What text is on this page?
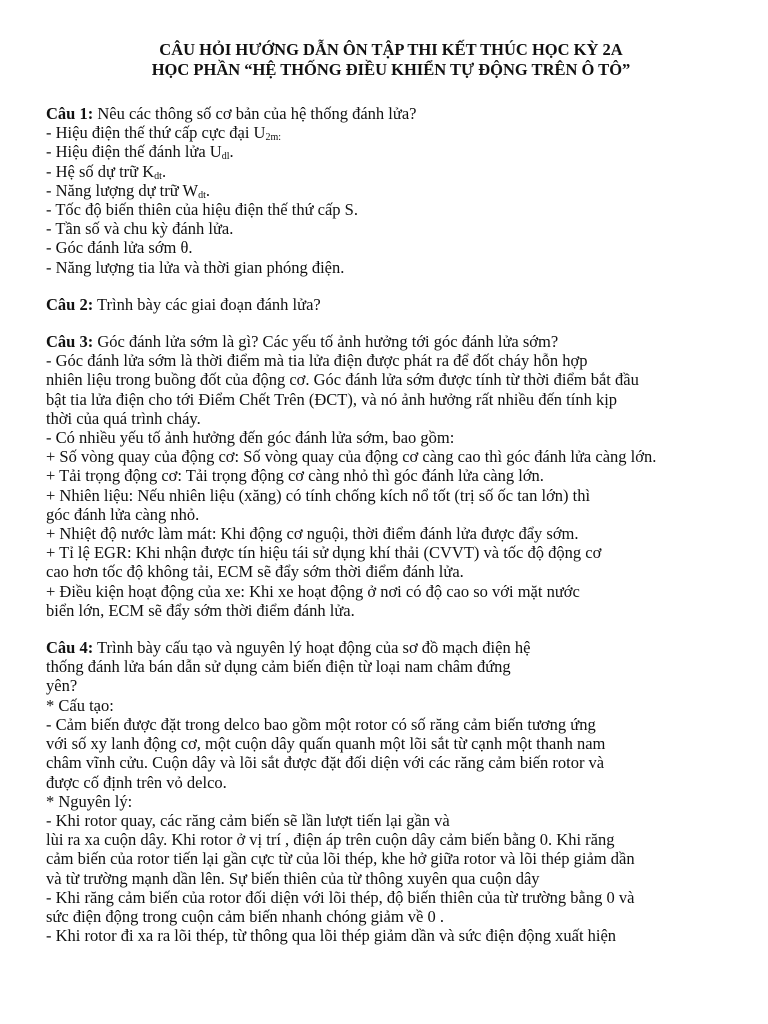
CÂU HỎI HƯỚNG DẪN ÔN TẬP THI KẾT THÚC HỌC KỲ 2A
HỌC PHẦN “HỆ THỐNG ĐIỀU KHIỂN TỰ ĐỘNG TRÊN Ô TÔ”
Câu 1: Nêu các thông số cơ bản của hệ thống đánh lửa?
- Hiệu điện thế thứ cấp cực đại $U_{2m:}$
- Hiệu điện thế đánh lửa $U_{dl}$.
- Hệ số dự trữ $K_{dt}$.
- Năng lượng dự trữ $W_{dt}$.
- Tốc độ biến thiên của hiệu điện thế thứ cấp S.
- Tần số và chu kỳ đánh lửa.
- Góc đánh lửa sớm θ.
- Năng lượng tia lửa và thời gian phóng điện.
Câu 2: Trình bày các giai đoạn đánh lửa?
Câu 3: Góc đánh lửa sớm là gì? Các yếu tố ảnh hưởng tới góc đánh lửa sớm?
- Góc đánh lửa sớm là thời điểm mà tia lửa điện được phát ra để đốt cháy hỗn hợp
nhiên liệu trong buồng đốt của động cơ. Góc đánh lửa sớm được tính từ thời điểm bắt đầu
bật tia lửa điện cho tới Điểm Chết Trên (ĐCT), và nó ảnh hưởng rất nhiều đến tính kịp
thời của quá trình cháy.
- Có nhiều yếu tố ảnh hưởng đến góc đánh lửa sớm, bao gồm:
+ Số vòng quay của động cơ: Số vòng quay của động cơ càng cao thì góc đánh lửa càng lớn.
+ Tải trọng động cơ: Tải trọng động cơ càng nhỏ thì góc đánh lửa càng lớn.
+ Nhiên liệu: Nếu nhiên liệu (xăng) có tính chống kích nổ tốt (trị số ốc tan lớn) thì
góc đánh lửa càng nhỏ.
+ Nhiệt độ nước làm mát: Khi động cơ nguội, thời điểm đánh lửa được đẩy sớm.
+ Tỉ lệ EGR: Khi nhận được tín hiệu tái sử dụng khí thải (CVVT) và tốc độ động cơ
cao hơn tốc độ không tải, ECM sẽ đẩy sớm thời điểm đánh lửa.
+ Điều kiện hoạt động của xe: Khi xe hoạt động ở nơi có độ cao so với mặt nước
biển lớn, ECM sẽ đẩy sớm thời điểm đánh lửa.
Câu 4: Trình bày cấu tạo và nguyên lý hoạt động của sơ đồ mạch điện hệ
thống đánh lửa bán dẫn sử dụng cảm biến điện từ loại nam châm đứng
yên?
* Cấu tạo:
- Cảm biến được đặt trong delco bao gồm một rotor có số răng cảm biến tương ứng
với số xy lanh động cơ, một cuộn dây quấn quanh một lõi sắt từ cạnh một thanh nam
châm vĩnh cửu. Cuộn dây và lõi sắt được đặt đối diện với các răng cảm biến rotor và
được cố định trên vỏ delco.
* Nguyên lý:
- Khi rotor quay, các răng cảm biến sẽ lần lượt tiến lại gần và
lùi ra xa cuộn dây. Khi rotor ở vị trí , điện áp trên cuộn dây cảm biến bằng 0. Khi răng
cảm biến của rotor tiến lại gần cực từ của lõi thép, khe hở giữa rotor và lõi thép giảm dần
và từ trường mạnh dần lên. Sự biến thiên của từ thông xuyên qua cuộn dây
- Khi răng cảm biến của rotor đối diện với lõi thép, độ biến thiên của từ trường bằng 0 và
sức điện động trong cuộn cảm biến nhanh chóng giảm về 0 .
- Khi rotor đi xa ra lõi thép, từ thông qua lõi thép giảm dần và sức điện động xuất hiện
